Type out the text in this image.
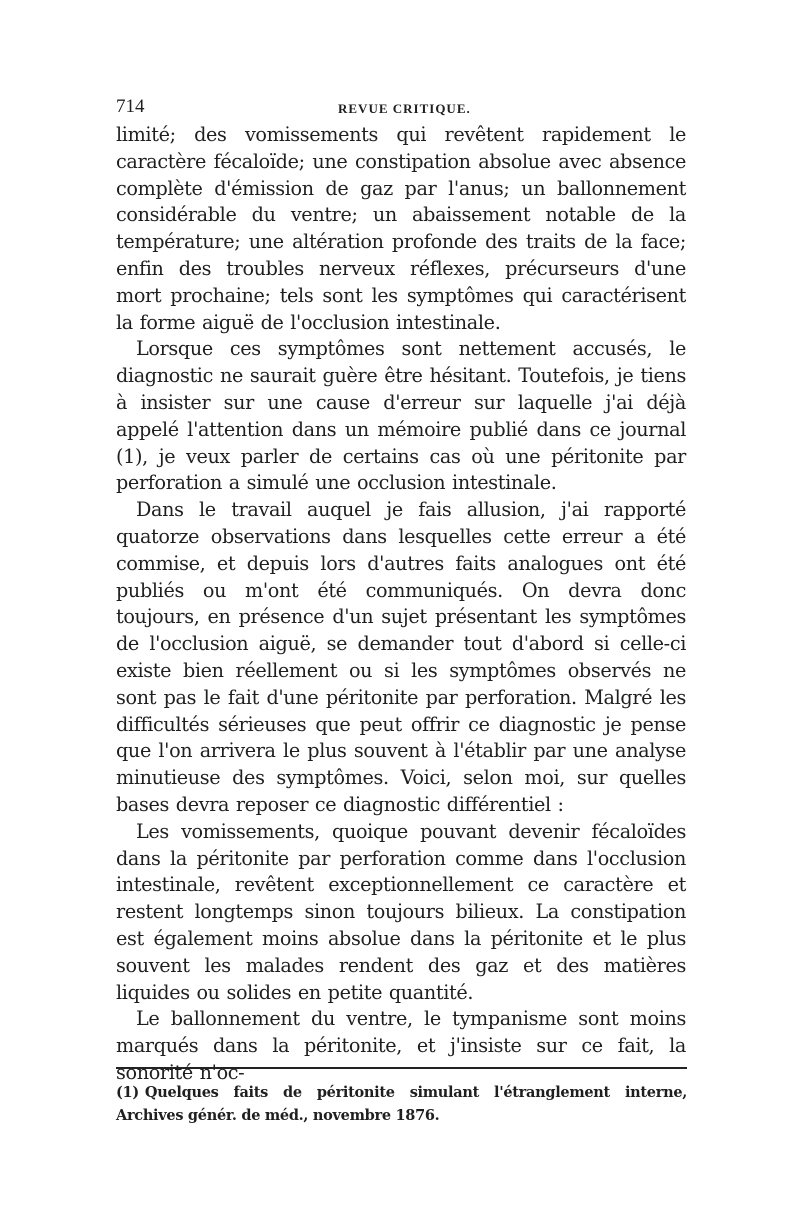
714	REVUE CRITIQUE.

limité; des vomissements qui revêtent rapidement le caractère fécaloïde; une constipation absolue avec absence complète d'émission de gaz par l'anus; un ballonnement considérable du ventre; un abaissement notable de la température; une altération profonde des traits de la face; enfin des troubles nerveux réflexes, précurseurs d'une mort prochaine; tels sont les symptômes qui caractérisent la forme aiguë de l'occlusion intestinale.

Lorsque ces symptômes sont nettement accusés, le diagnostic ne saurait guère être hésitant. Toutefois, je tiens à insister sur une cause d'erreur sur laquelle j'ai déjà appelé l'attention dans un mémoire publié dans ce journal (1), je veux parler de certains cas où une péritonite par perforation a simulé une occlusion intestinale.

Dans le travail auquel je fais allusion, j'ai rapporté quatorze observations dans lesquelles cette erreur a été commise, et depuis lors d'autres faits analogues ont été publiés ou m'ont été communiqués. On devra donc toujours, en présence d'un sujet présentant les symptômes de l'occlusion aiguë, se demander tout d'abord si celle-ci existe bien réellement ou si les symptômes observés ne sont pas le fait d'une péritonite par perforation. Malgré les difficultés sérieuses que peut offrir ce diagnostic je pense que l'on arrivera le plus souvent à l'établir par une analyse minutieuse des symptômes. Voici, selon moi, sur quelles bases devra reposer ce diagnostic différentiel :

Les vomissements, quoique pouvant devenir fécaloïdes dans la péritonite par perforation comme dans l'occlusion intestinale, revêtent exceptionnellement ce caractère et restent longtemps sinon toujours bilieux. La constipation est également moins absolue dans la péritonite et le plus souvent les malades rendent des gaz et des matières liquides ou solides en petite quantité.

Le ballonnement du ventre, le tympanisme sont moins marqués dans la péritonite, et j'insiste sur ce fait, la sonorité n'oc-

(1) Quelques faits de péritonite simulant l'étranglement interne, Archives génér. de méd., novembre 1876.
